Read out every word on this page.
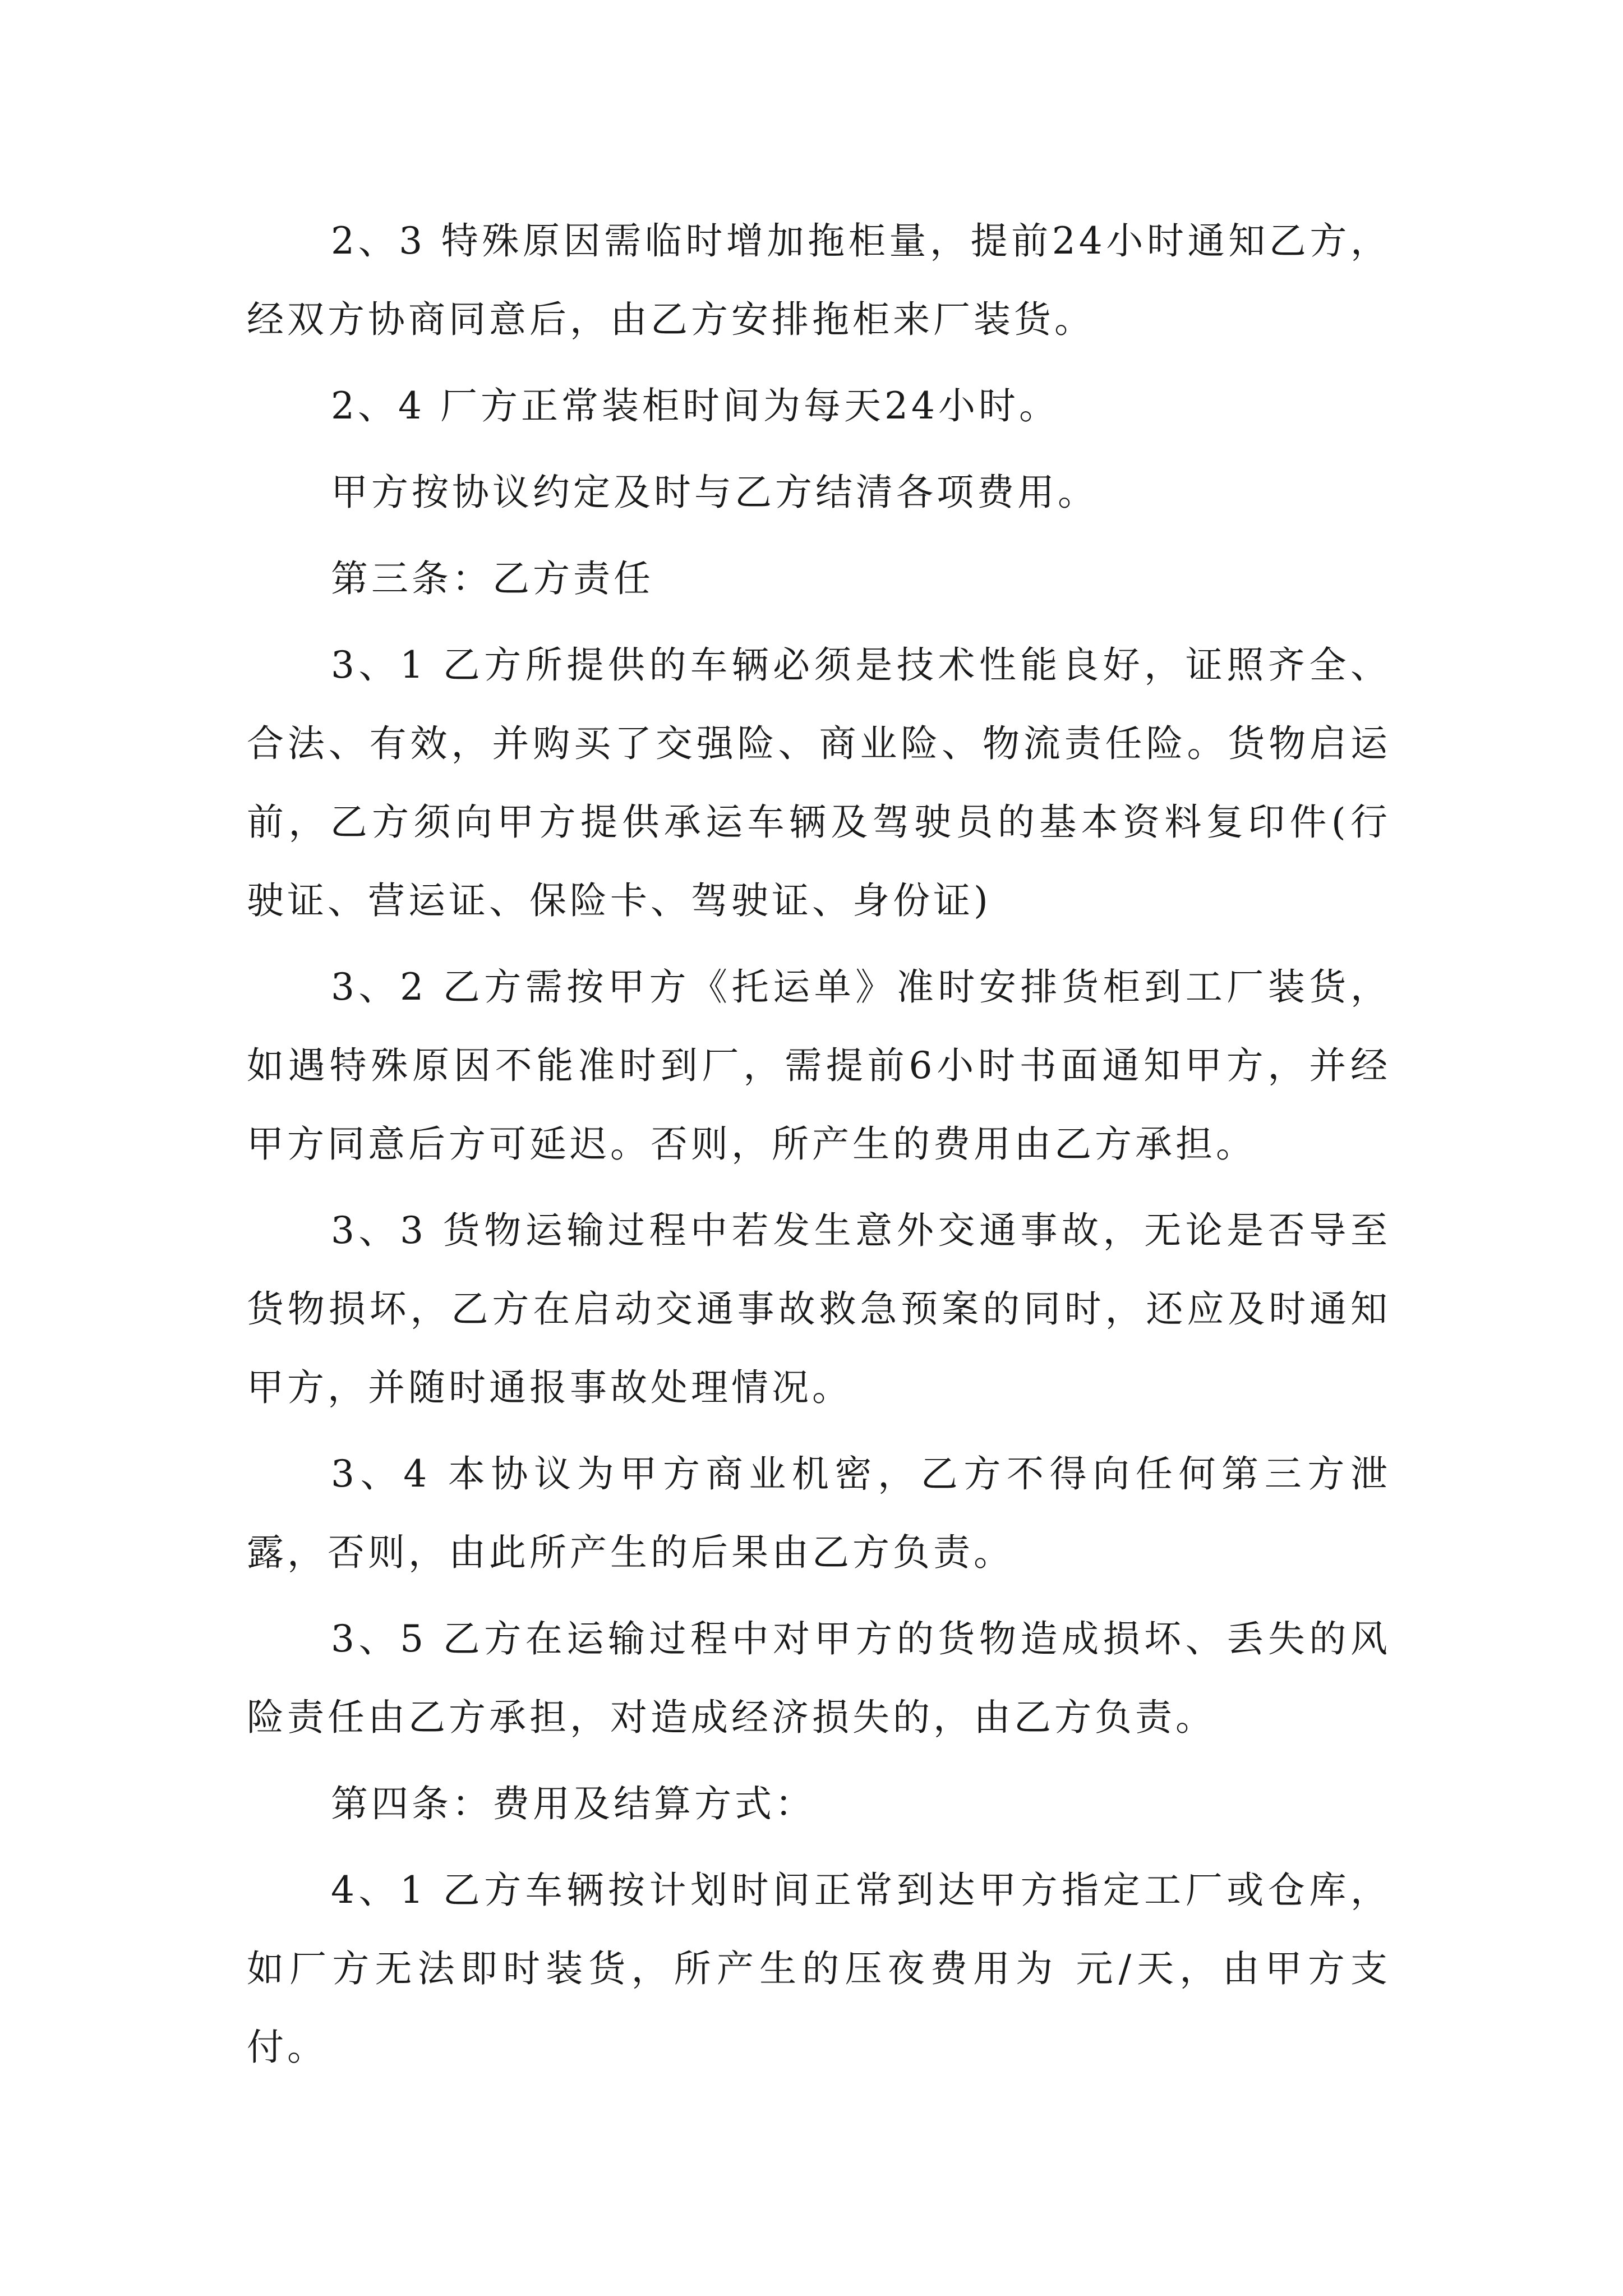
2、3 特殊原因需临时增加拖柜量，提前24小时通知乙方，经双方协商同意后，由乙方安排拖柜来厂装货。

2、4 厂方正常装柜时间为每天24小时。

甲方按协议约定及时与乙方结清各项费用。

第三条：乙方责任

3、1 乙方所提供的车辆必须是技术性能良好，证照齐全、合法、有效，并购买了交强险、商业险、物流责任险。货物启运前，乙方须向甲方提供承运车辆及驾驶员的基本资料复印件(行驶证、营运证、保险卡、驾驶证、身份证)

3、2 乙方需按甲方《托运单》准时安排货柜到工厂装货，如遇特殊原因不能准时到厂，需提前6小时书面通知甲方，并经甲方同意后方可延迟。否则，所产生的费用由乙方承担。

3、3 货物运输过程中若发生意外交通事故，无论是否导至货物损坏，乙方在启动交通事故救急预案的同时，还应及时通知甲方，并随时通报事故处理情况。

3、4 本协议为甲方商业机密，乙方不得向任何第三方泄露，否则，由此所产生的后果由乙方负责。

3、5 乙方在运输过程中对甲方的货物造成损坏、丢失的风险责任由乙方承担，对造成经济损失的，由乙方负责。

第四条：费用及结算方式：

4、1 乙方车辆按计划时间正常到达甲方指定工厂或仓库，如厂方无法即时装货，所产生的压夜费用为 元/天，由甲方支付。
